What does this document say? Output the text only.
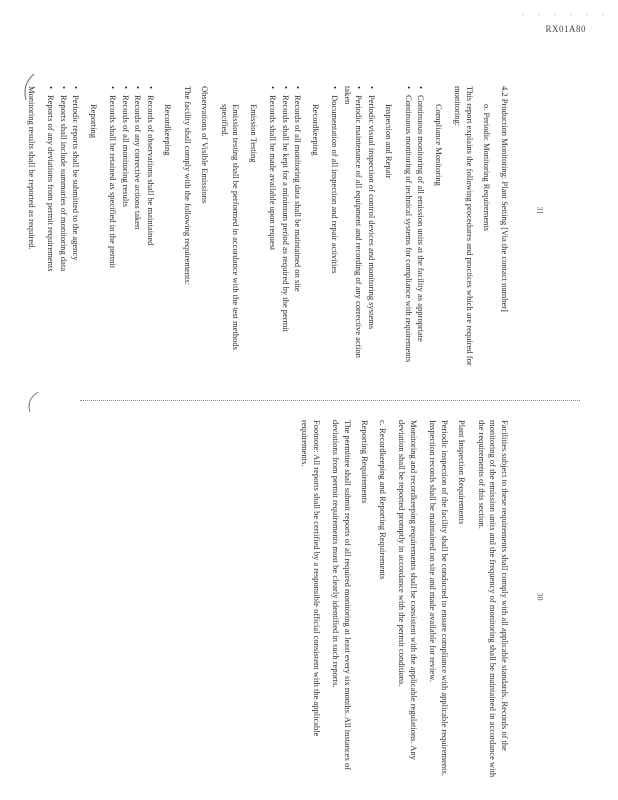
. . . . . .
RX01A80

4.2 Production Monitoring: Plant Setting [Via the contact number]

o. Periodic Monitoring Requirements

This report explains the following procedures and practices which are required for monitoring:

Compliance Monitoring

• Continuous monitoring of all emission units at the facility as appropriate
• Continuous monitoring of technical systems for compliance with requirements

Inspection and Repair

• Periodic visual inspection of control devices and monitoring systems
• Periodic maintenance of all equipment and recording of any corrective action taken
• Documentation of all inspection and repair activities

Recordkeeping

• Records of all monitoring data shall be maintained on site
• Records shall be kept for a minimum period as required by the permit
• Records shall be made available upon request

Emission Testing

Emission testing shall be performed in accordance with the test methods specified.

Observations of Visible Emissions

The facility shall comply with the following requirements:

Recordkeeping

• Records of observations shall be maintained
• Records of any corrective actions taken
• Records of all monitoring results
• Records shall be retained as specified in the permit

Reporting

• Periodic reports shall be submitted to the agency
• Reports shall include summaries of monitoring data
• Reports of any deviations from permit requirements

Monitoring results shall be reported as required.	31

Facilities subject to these requirements shall comply with all applicable standards. Records of the monitoring of the emission units and the frequency of monitoring shall be maintained in accordance with the requirements of this section.

Plant Inspection Requirements

Periodic inspection of the facility shall be conducted to ensure compliance with applicable requirements. Inspection records shall be maintained on site and made available for review.

Monitoring and recordkeeping requirements shall be consistent with the applicable regulations. Any deviation shall be reported promptly in accordance with the permit conditions.

c. Recordkeeping and Reporting Requirements

Reporting Requirements

The permittee shall submit reports of all required monitoring at least every six months. All instances of deviations from permit requirements must be clearly identified in such reports.

Footnote: All reports shall be certified by a responsible official consistent with the applicable requirements.

30
